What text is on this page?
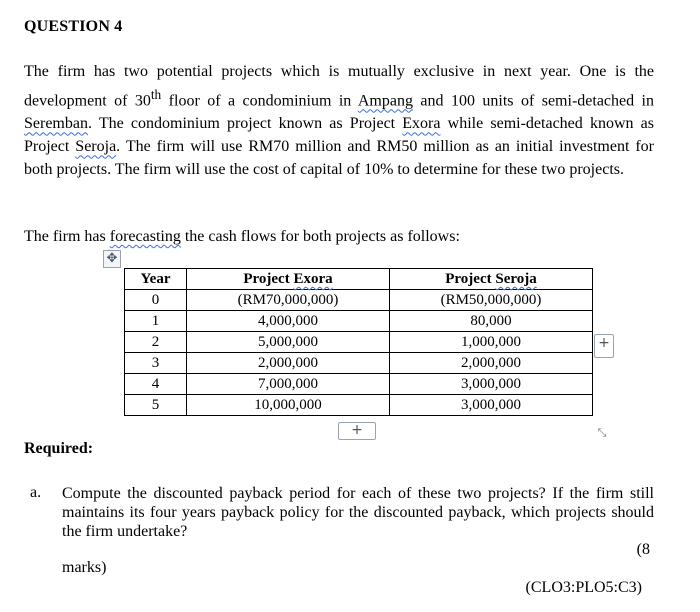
QUESTION 4
The firm has two potential projects which is mutually exclusive in next year. One is the development of 30th floor of a condominium in Ampang and 100 units of semi-detached in Seremban. The condominium project known as Project Exora while semi-detached known as Project Seroja. The firm will use RM70 million and RM50 million as an initial investment for both projects. The firm will use the cost of capital of 10% to determine for these two projects.
The firm has forecasting the cash flows for both projects as follows:
✥
Year	Project Exora	Project Seroja
0	(RM70,000,000)	(RM50,000,000)
1	4,000,000	80,000
2	5,000,000	1,000,000
3	2,000,000	2,000,000
4	7,000,000	3,000,000
5	10,000,000	3,000,000
+
+	⤡
Required:
a. Compute the discounted payback period for each of these two projects? If the firm still maintains its four years payback policy for the discounted payback, which projects should the firm undertake?
(8
marks)
(CLO3:PLO5:C3)
